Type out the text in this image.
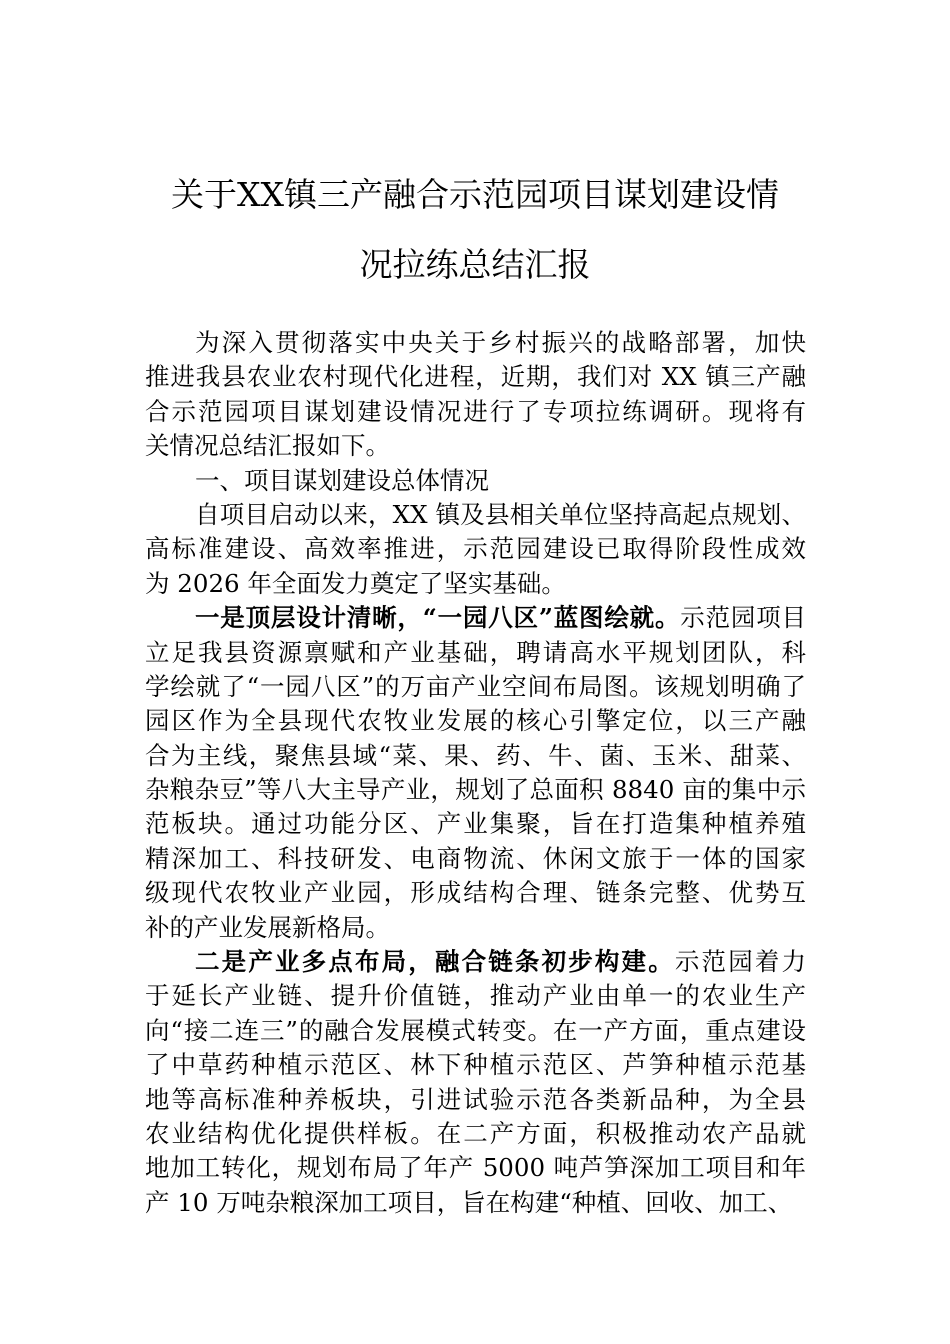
关于XX镇三产融合示范园项目谋划建设情
况拉练总结汇报
为深入贯彻落实中央关于乡村振兴的战略部署，加快
推进我县农业农村现代化进程，近期，我们对 XX 镇三产融
合示范园项目谋划建设情况进行了专项拉练调研。现将有
关情况总结汇报如下。
一、项目谋划建设总体情况
自项目启动以来，XX 镇及县相关单位坚持高起点规划、
高标准建设、高效率推进，示范园建设已取得阶段性成效
为 2026 年全面发力奠定了坚实基础。
一是顶层设计清晰，“一园八区”蓝图绘就。示范园项目
立足我县资源禀赋和产业基础，聘请高水平规划团队，科
学绘就了“一园八区”的万亩产业空间布局图。该规划明确了
园区作为全县现代农牧业发展的核心引擎定位，以三产融
合为主线，聚焦县域“菜、果、药、牛、菌、玉米、甜菜、
杂粮杂豆”等八大主导产业，规划了总面积 8840 亩的集中示
范板块。通过功能分区、产业集聚，旨在打造集种植养殖
精深加工、科技研发、电商物流、休闲文旅于一体的国家
级现代农牧业产业园，形成结构合理、链条完整、优势互
补的产业发展新格局。
二是产业多点布局，融合链条初步构建。示范园着力
于延长产业链、提升价值链，推动产业由单一的农业生产
向“接二连三”的融合发展模式转变。在一产方面，重点建设
了中草药种植示范区、林下种植示范区、芦笋种植示范基
地等高标准种养板块，引进试验示范各类新品种，为全县
农业结构优化提供样板。在二产方面，积极推动农产品就
地加工转化，规划布局了年产 5000 吨芦笋深加工项目和年
产 10 万吨杂粮深加工项目，旨在构建“种植、回收、加工、
